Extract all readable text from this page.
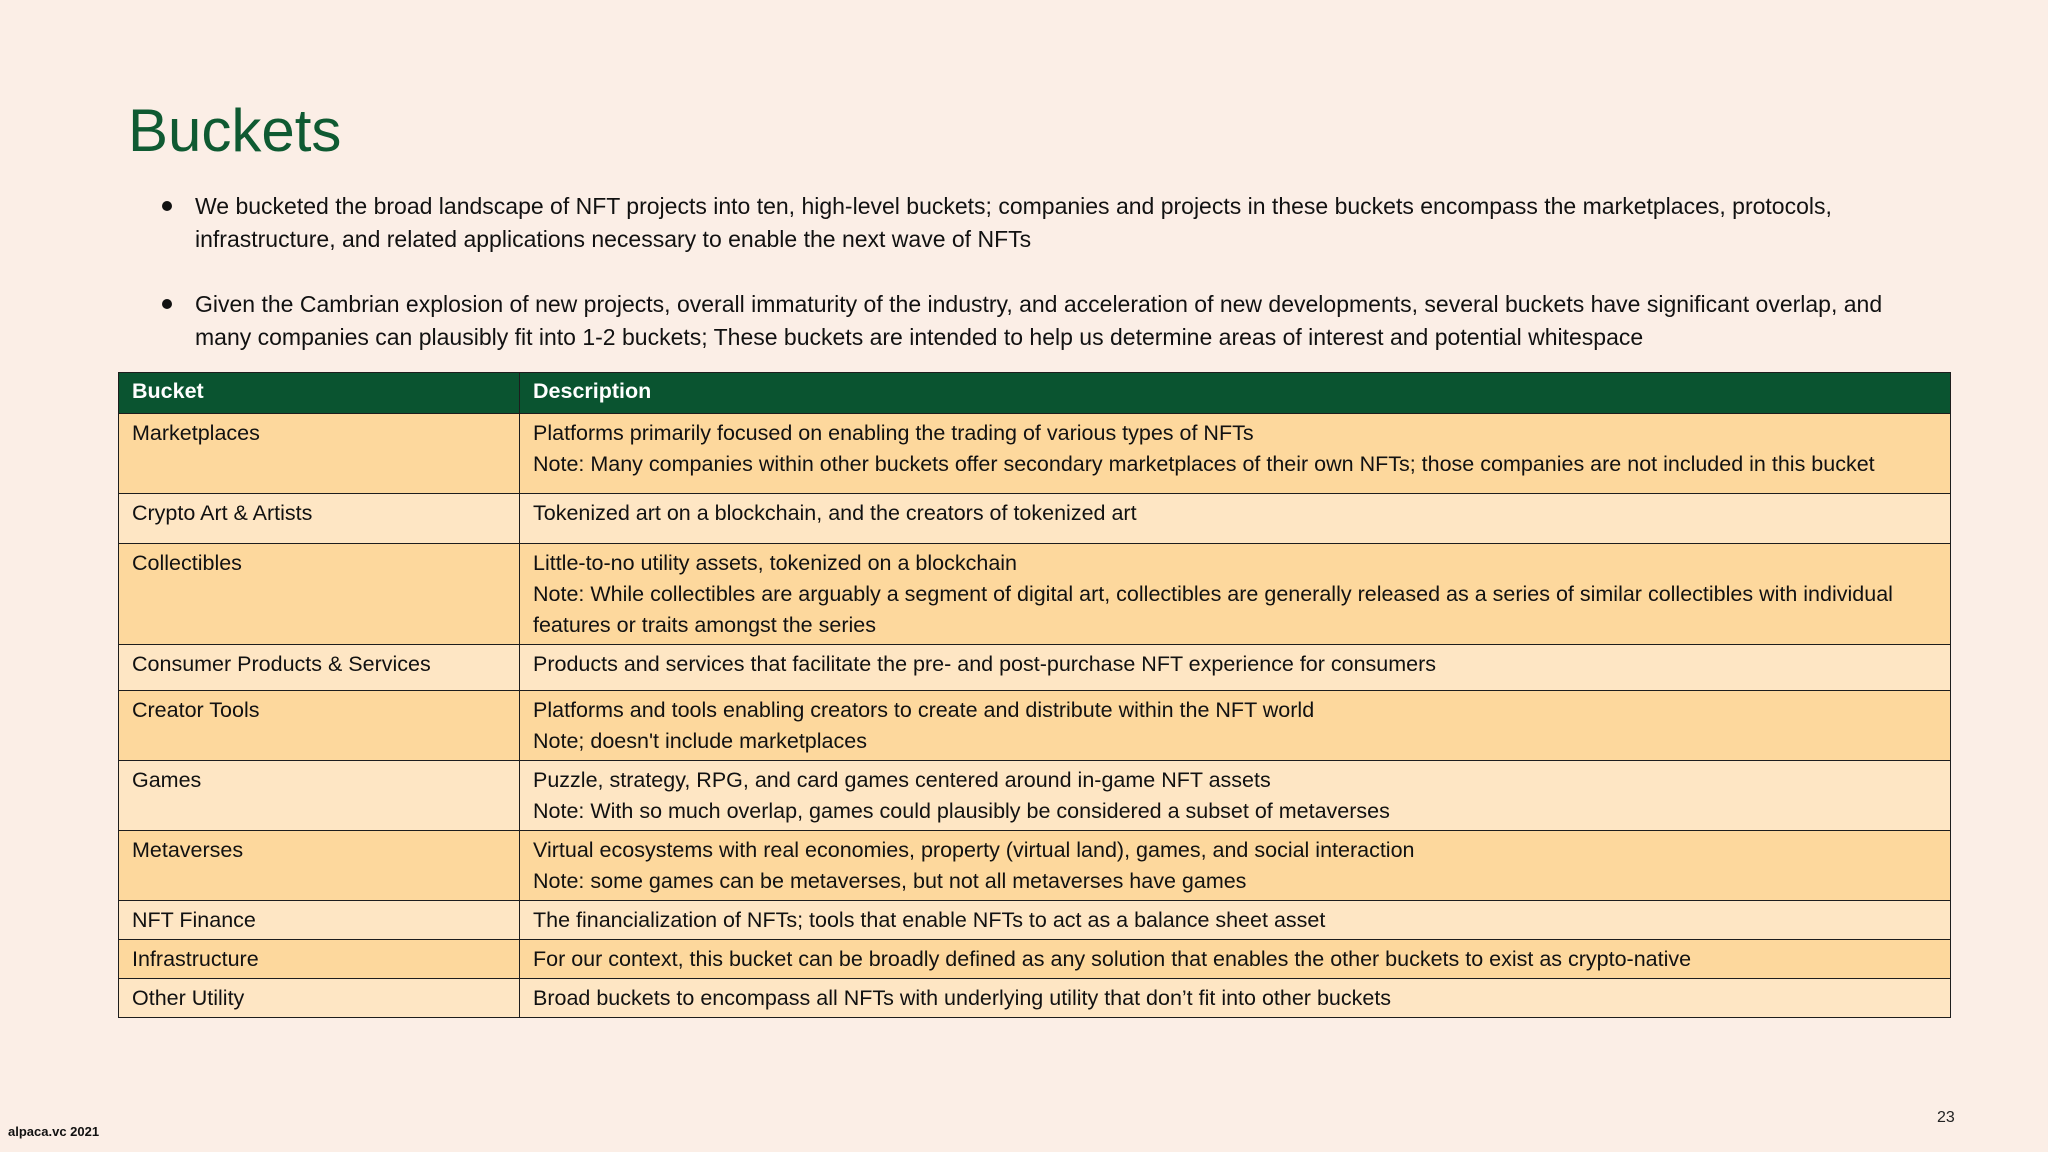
Buckets
We bucketed the broad landscape of NFT projects into ten, high-level buckets; companies and projects in these buckets encompass the marketplaces, protocols, infrastructure, and related applications necessary to enable the next wave of NFTs
Given the Cambrian explosion of new projects, overall immaturity of the industry, and acceleration of new developments, several buckets have significant overlap, and many companies can plausibly fit into 1-2 buckets; These buckets are intended to help us determine areas of interest and potential whitespace
Bucket	Description
Marketplaces	Platforms primarily focused on enabling the trading of various types of NFTs
Note: Many companies within other buckets offer secondary marketplaces of their own NFTs; those companies are not included in this bucket

Crypto Art & Artists	Tokenized art on a blockchain, and the creators of tokenized art

Collectibles	Little-to-no utility assets, tokenized on a blockchain
Note: While collectibles are arguably a segment of digital art, collectibles are generally released as a series of similar collectibles with individual features or traits amongst the series

Consumer Products & Services	Products and services that facilitate the pre- and post-purchase NFT experience for consumers

Creator Tools	Platforms and tools enabling creators to create and distribute within the NFT world
Note; doesn't include marketplaces

Games	Puzzle, strategy, RPG, and card games centered around in-game NFT assets
Note: With so much overlap, games could plausibly be considered a subset of metaverses

Metaverses	Virtual ecosystems with real economies, property (virtual land), games, and social interaction
Note: some games can be metaverses, but not all metaverses have games

NFT Finance	The financialization of NFTs; tools that enable NFTs to act as a balance sheet asset

Infrastructure	For our context, this bucket can be broadly defined as any solution that enables the other buckets to exist as crypto-native

Other Utility	Broad buckets to encompass all NFTs with underlying utility that don’t fit into other buckets
alpaca.vc 2021
23
